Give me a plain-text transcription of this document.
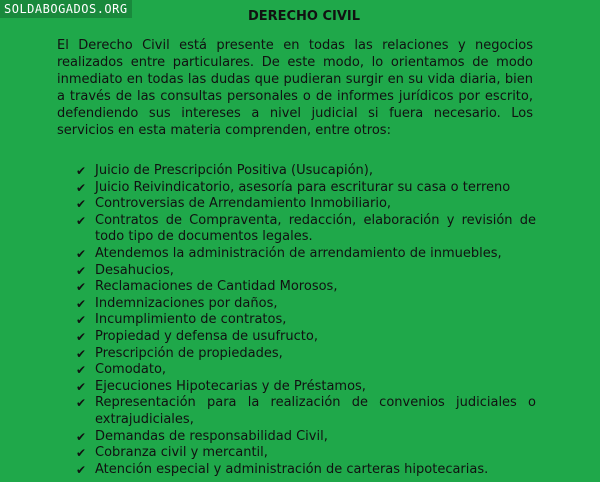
SOLDABOGADOS.ORG	DERECHO CIVIL

El Derecho Civil está presente en todas las relaciones y negocios realizados entre particulares. De este modo, lo orientamos de modo inmediato en todas las dudas que pudieran surgir en su vida diaria, bien a través de las consultas personales o de informes jurídicos por escrito, defendiendo sus intereses a nivel judicial si fuera necesario. Los servicios en esta materia comprenden, entre otros:

✔ Juicio de Prescripción Positiva (Usucapión),
✔ Juicio Reivindicatorio, asesoría para escriturar su casa o terreno
✔ Controversias de Arrendamiento Inmobiliario,
✔ Contratos de Compraventa, redacción, elaboración y revisión de todo tipo de documentos legales.
✔ Atendemos la administración de arrendamiento de inmuebles,
✔ Desahucios,
✔ Reclamaciones de Cantidad Morosos,
✔ Indemnizaciones por daños,
✔ Incumplimiento de contratos,
✔ Propiedad y defensa de usufructo,
✔ Prescripción de propiedades,
✔ Comodato,
✔ Ejecuciones Hipotecarias y de Préstamos,
✔ Representación para la realización de convenios judiciales o extrajudiciales,
✔ Demandas de responsabilidad Civil,
✔ Cobranza civil y mercantil,
✔ Atención especial y administración de carteras hipotecarias.
